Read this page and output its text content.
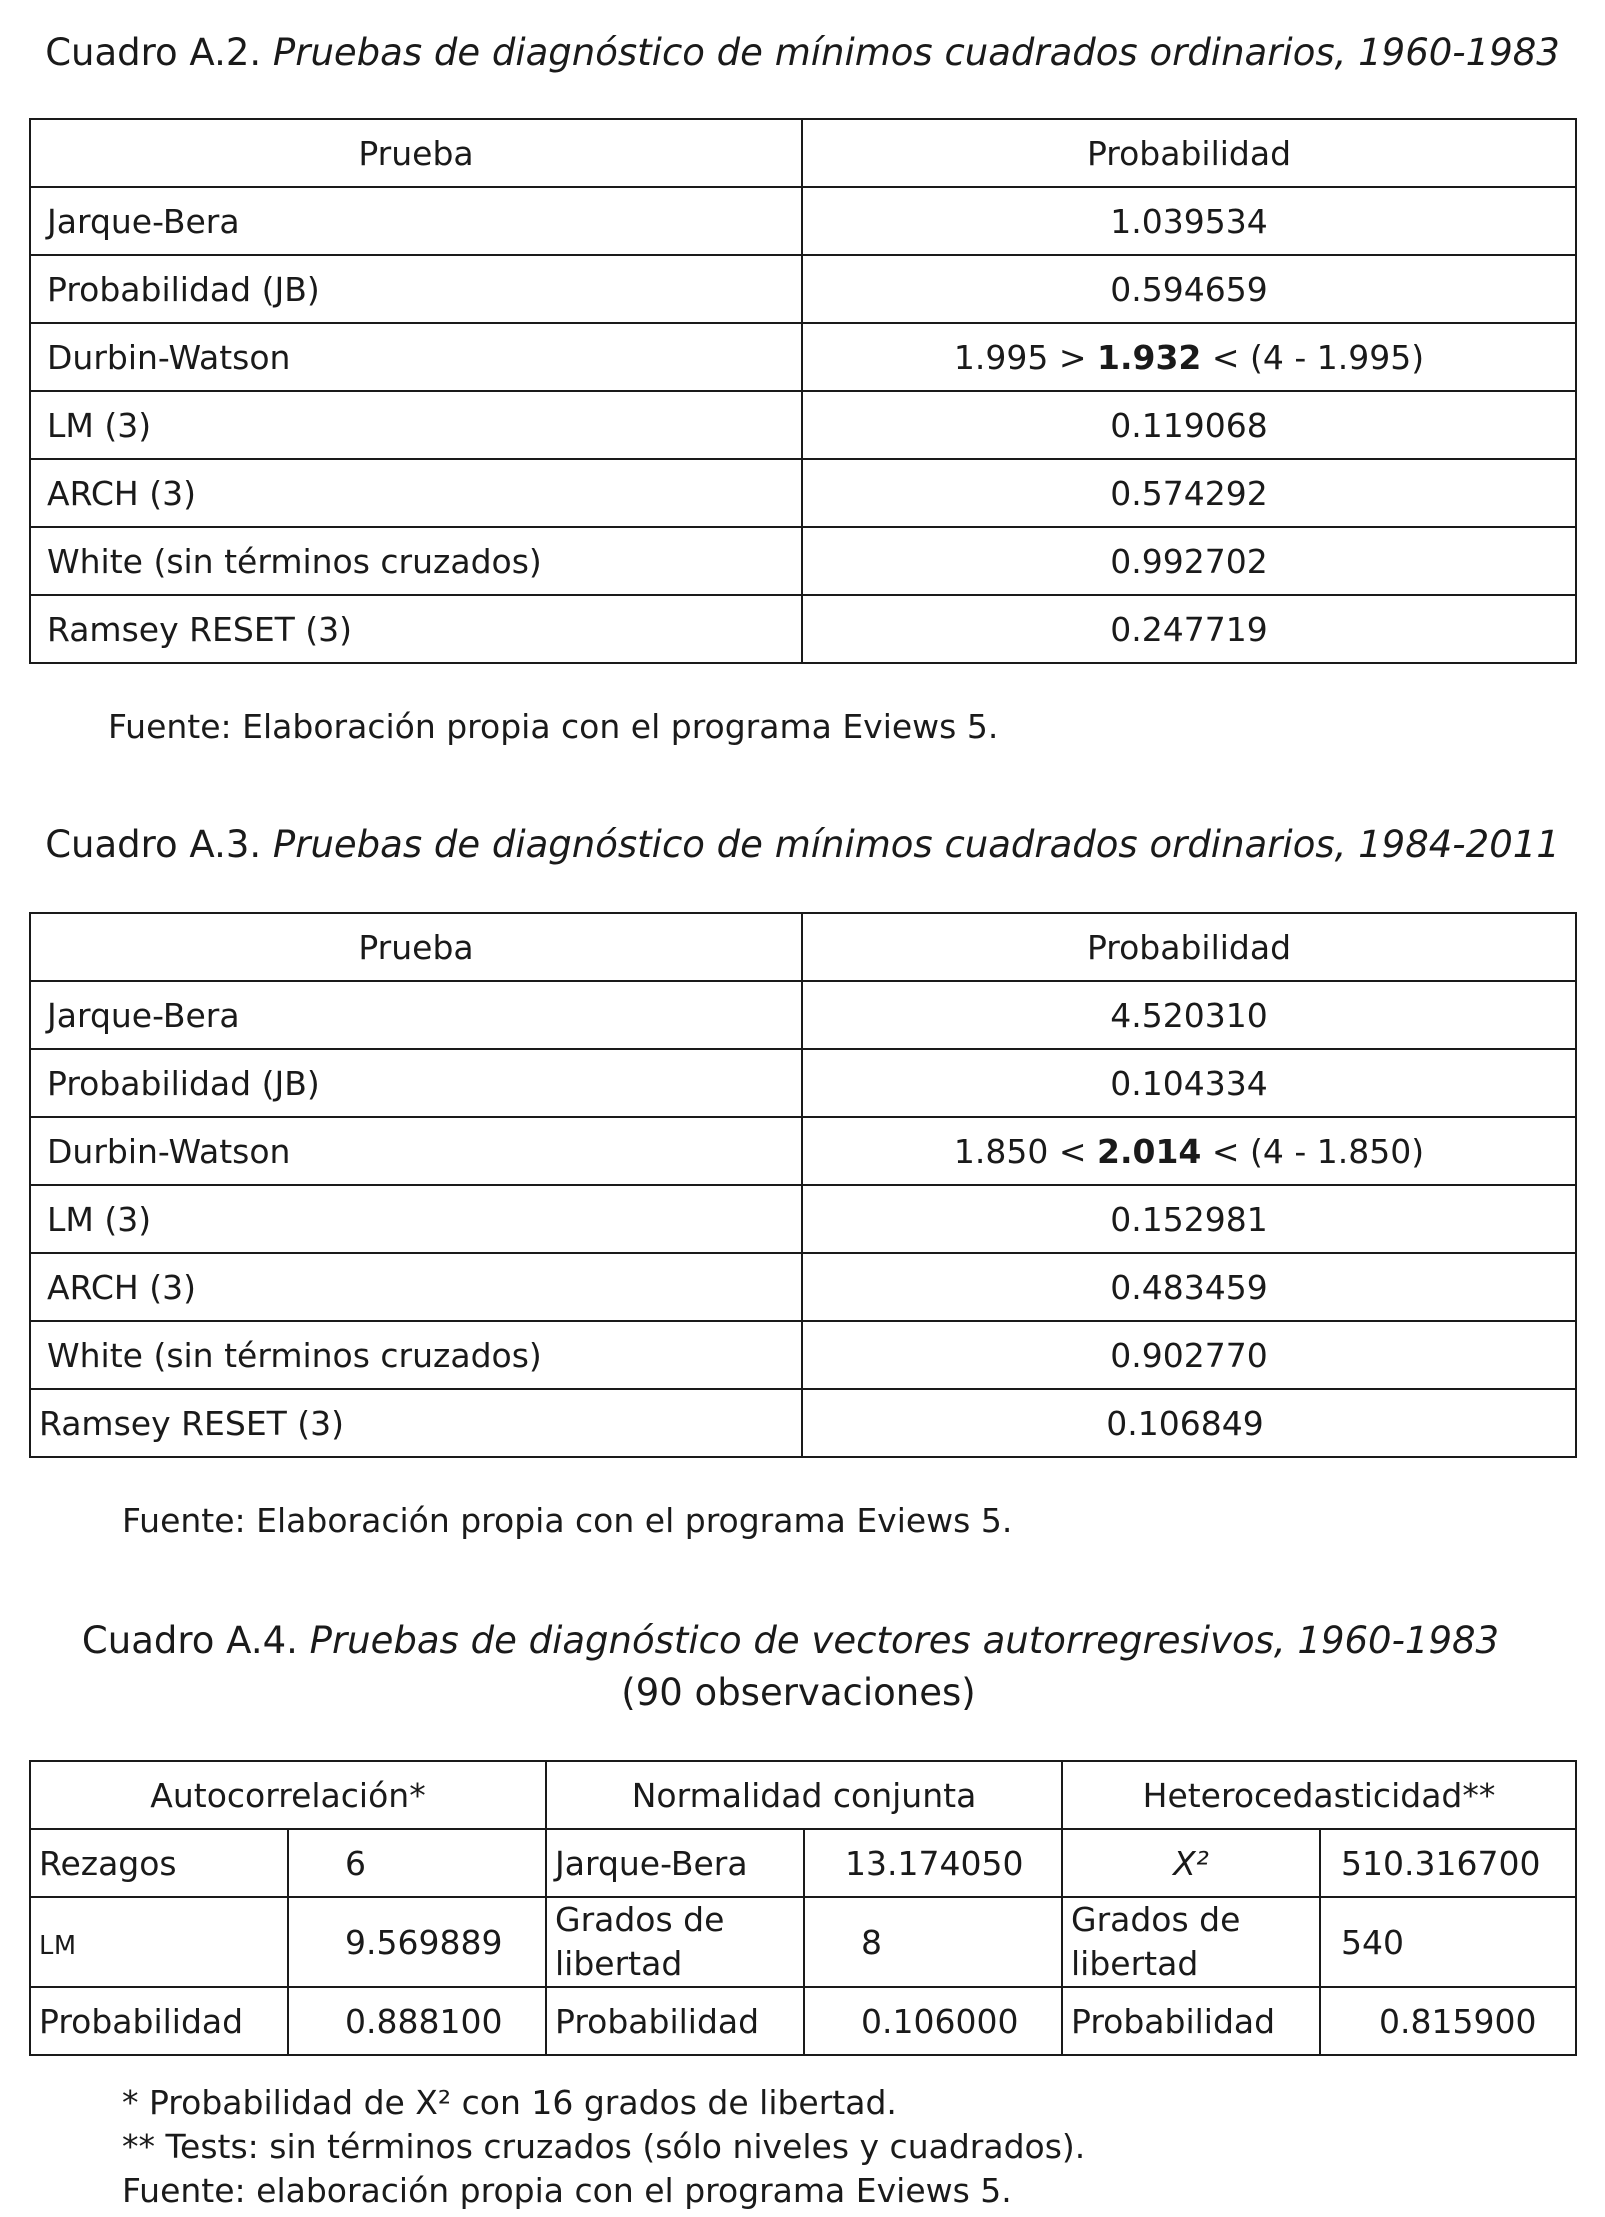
Cuadro A.2. Pruebas de diagnóstico de mínimos cuadrados ordinarios, 1960-1983
Prueba	Probabilidad
Jarque-Bera	1.039534
Probabilidad (JB)	0.594659
Durbin-Watson	1.995 > 1.932 < (4 - 1.995)
LM (3)	0.119068
ARCH (3)	0.574292
White (sin términos cruzados)	0.992702
Ramsey RESET (3)	0.247719
Fuente: Elaboración propia con el programa Eviews 5.
Cuadro A.3. Pruebas de diagnóstico de mínimos cuadrados ordinarios, 1984-2011
Prueba	Probabilidad
Jarque-Bera	4.520310
Probabilidad (JB)	0.104334
Durbin-Watson	1.850 < 2.014 < (4 - 1.850)
LM (3)	0.152981
ARCH (3)	0.483459
White (sin términos cruzados)	0.902770
Ramsey RESET (3)	0.106849
Fuente: Elaboración propia con el programa Eviews 5.
Cuadro A.4. Pruebas de diagnóstico de vectores autorregresivos, 1960-1983
(90 observaciones)
Autocorrelación*		Normalidad conjunta		Heterocedasticidad**	
Rezagos	6	Jarque-Bera	13.174050	X²	510.316700
LM	9.569889	Grados de libertad	8	Grados de libertad	540
Probabilidad	0.888100	Probabilidad	0.106000	Probabilidad	0.815900
* Probabilidad de X² con 16 grados de libertad.
** Tests: sin términos cruzados (sólo niveles y cuadrados).
Fuente: elaboración propia con el programa Eviews 5.
